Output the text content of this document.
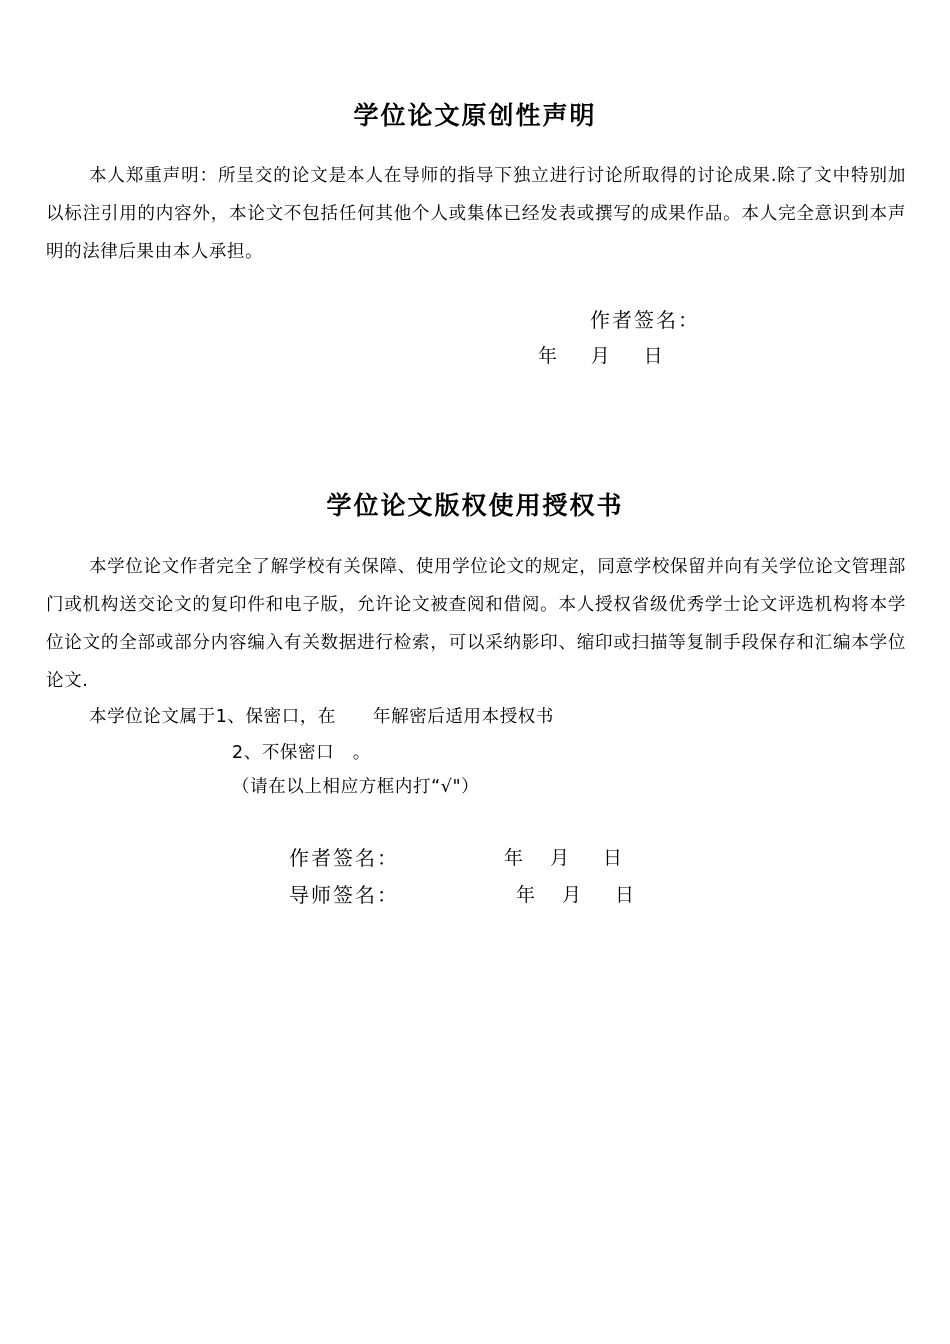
学位论文原创性声明
本人郑重声明：所呈交的论文是本人在导师的指导下独立进行讨论所取得的讨论成果.除了文中特别加以标注引用的内容外，本论文不包括任何其他个人或集体已经发表或撰写的成果作品。本人完全意识到本声明的法律后果由本人承担。
作者签名：
年     月     日
学位论文版权使用授权书
本学位论文作者完全了解学校有关保障、使用学位论文的规定，同意学校保留并向有关学位论文管理部门或机构送交论文的复印件和电子版，允许论文被查阅和借阅。本人授权省级优秀学士论文评选机构将本学位论文的全部或部分内容编入有关数据进行检索，可以采纳影印、缩印或扫描等复制手段保存和汇编本学位论文.
本学位论文属于1、保密口，在      年解密后适用本授权书
2、不保密口   。
（请在以上相应方框内打“√"）
作者签名：	年    月     日
导师签名：	年    月     日
